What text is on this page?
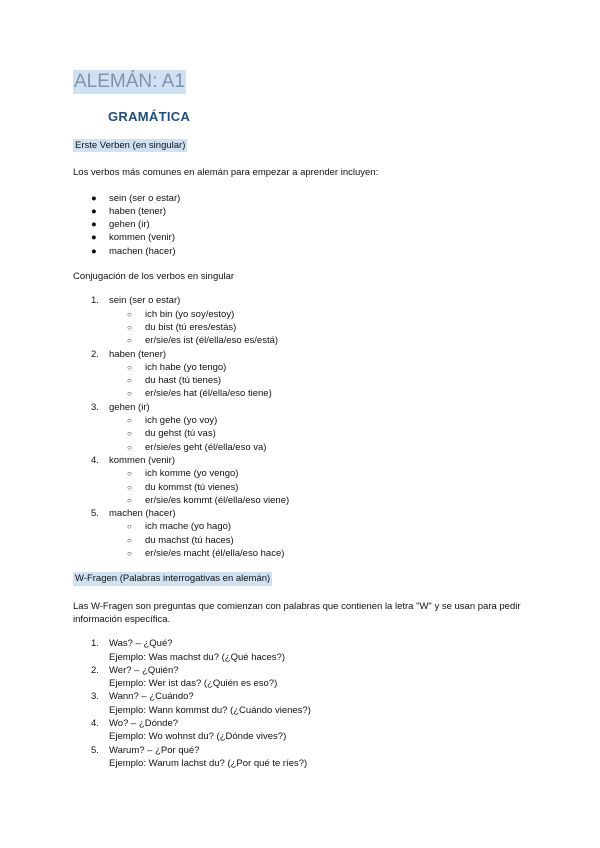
ALEMÁN: A1
GRAMÁTICA

Erste Verben (en singular)

Los verbos más comunes en alemán para empezar a aprender incluyen:

● sein (ser o estar)
● haben (tener)
● gehen (ir)
● kommen (venir)
● machen (hacer)

Conjugación de los verbos en singular

1. sein (ser o estar)
○ ich bin (yo soy/estoy)
○ du bist (tú eres/estás)
○ er/sie/es ist (él/ella/eso es/está)
2. haben (tener)
○ ich habe (yo tengo)
○ du hast (tú tienes)
○ er/sie/es hat (él/ella/eso tiene)
3. gehen (ir)
○ ich gehe (yo voy)
○ du gehst (tú vas)
○ er/sie/es geht (él/ella/eso va)
4. kommen (venir)
○ ich komme (yo vengo)
○ du kommst (tú vienes)
○ er/sie/es kommt (él/ella/eso viene)
5. machen (hacer)
○ ich mache (yo hago)
○ du machst (tú haces)
○ er/sie/es macht (él/ella/eso hace)

W-Fragen (Palabras interrogativas en alemán)

Las W-Fragen son preguntas que comienzan con palabras que contienen la letra "W" y se usan para pedir información específica.

1. Was? – ¿Qué?
Ejemplo: Was machst du? (¿Qué haces?)
2. Wer? – ¿Quién?
Ejemplo: Wer ist das? (¿Quién es eso?)
3. Wann? – ¿Cuándo?
Ejemplo: Wann kommst du? (¿Cuándo vienes?)
4. Wo? – ¿Dónde?
Ejemplo: Wo wohnst du? (¿Dónde vives?)
5. Warum? – ¿Por qué?
Ejemplo: Warum lachst du? (¿Por qué te ríes?)
